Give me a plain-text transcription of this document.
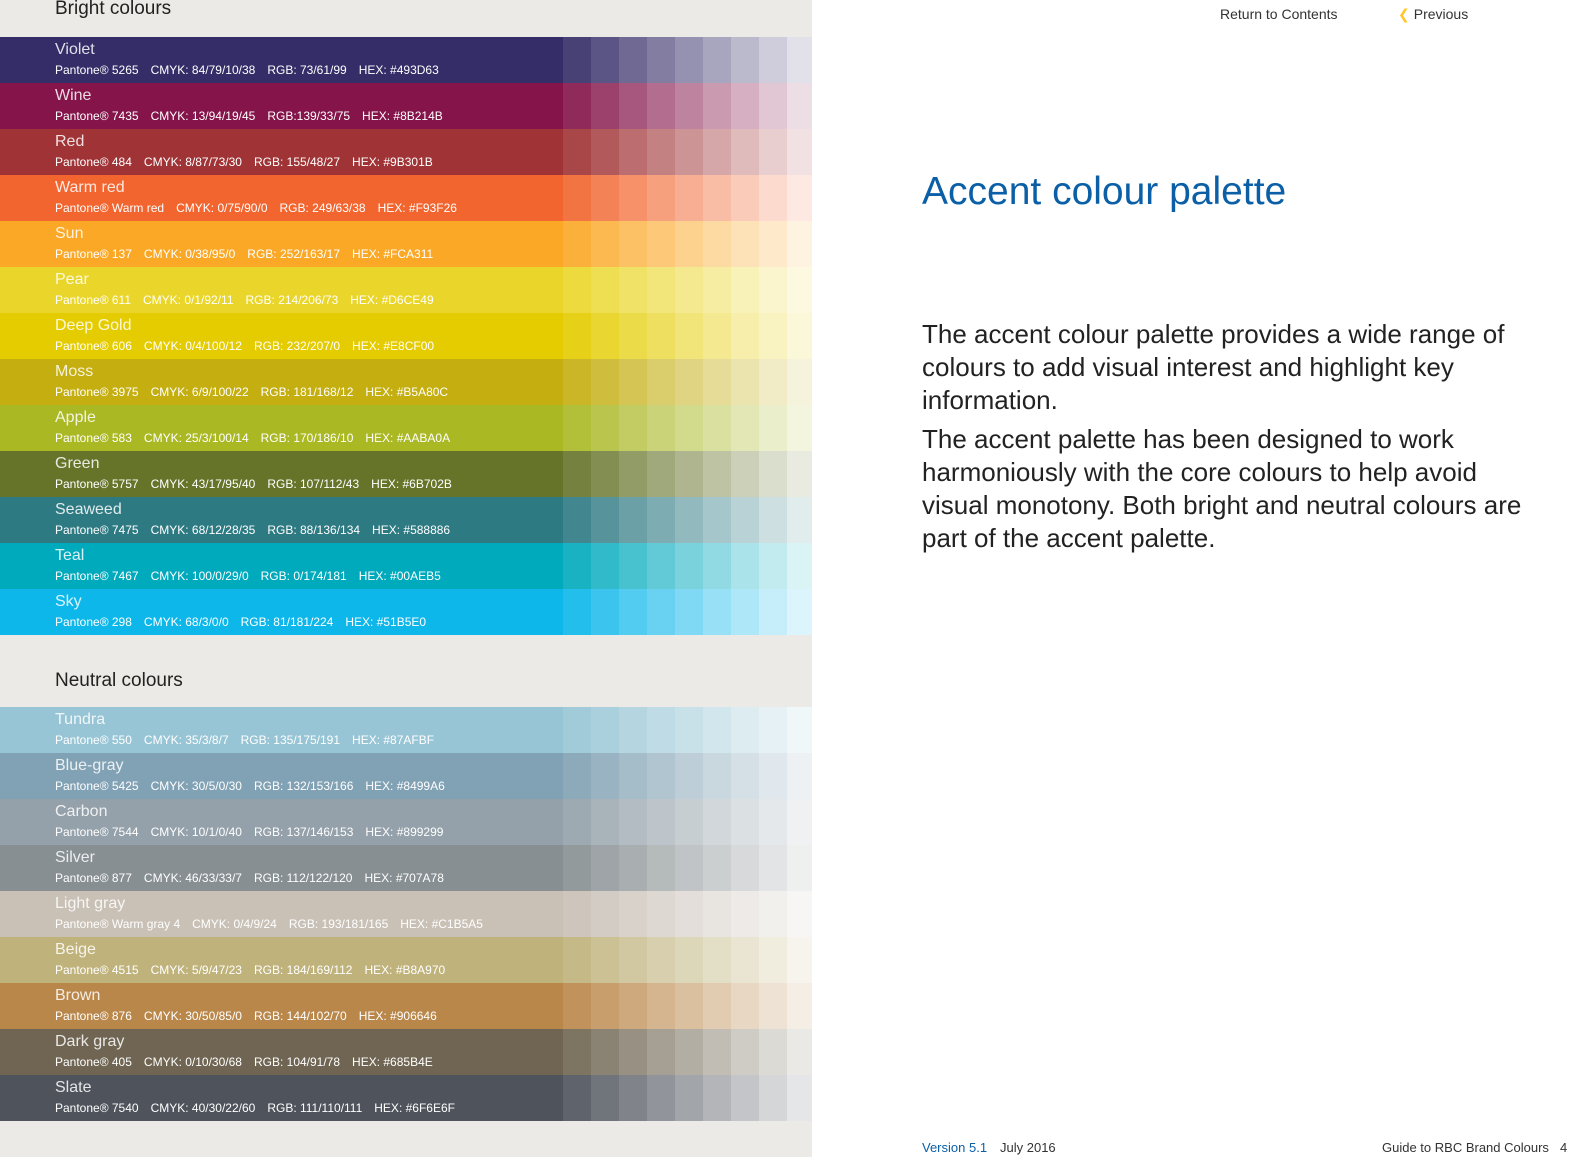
Bright colours
Violet
Pantone® 5265 CMYK: 84/79/10/38 RGB: 73/61/99 HEX: #493D63
Wine
Pantone® 7435 CMYK: 13/94/19/45 RGB:139/33/75 HEX: #8B214B
Red
Pantone® 484 CMYK: 8/87/73/30 RGB: 155/48/27 HEX: #9B301B
Warm red
Pantone® Warm red CMYK: 0/75/90/0 RGB: 249/63/38 HEX: #F93F26
Sun
Pantone® 137 CMYK: 0/38/95/0 RGB: 252/163/17 HEX: #FCA311
Pear
Pantone® 611 CMYK: 0/1/92/11 RGB: 214/206/73 HEX: #D6CE49
Deep Gold
Pantone® 606 CMYK: 0/4/100/12 RGB: 232/207/0 HEX: #E8CF00
Moss
Pantone® 3975 CMYK: 6/9/100/22 RGB: 181/168/12 HEX: #B5A80C
Apple
Pantone® 583 CMYK: 25/3/100/14 RGB: 170/186/10 HEX: #AABA0A
Green
Pantone® 5757 CMYK: 43/17/95/40 RGB: 107/112/43 HEX: #6B702B
Seaweed
Pantone® 7475 CMYK: 68/12/28/35 RGB: 88/136/134 HEX: #588886
Teal
Pantone® 7467 CMYK: 100/0/29/0 RGB: 0/174/181 HEX: #00AEB5
Sky
Pantone® 298 CMYK: 68/3/0/0 RGB: 81/181/224 HEX: #51B5E0
Neutral colours
Tundra
Pantone® 550 CMYK: 35/3/8/7 RGB: 135/175/191 HEX: #87AFBF
Blue-gray
Pantone® 5425 CMYK: 30/5/0/30 RGB: 132/153/166 HEX: #8499A6
Carbon
Pantone® 7544 CMYK: 10/1/0/40 RGB: 137/146/153 HEX: #899299
Silver
Pantone® 877 CMYK: 46/33/33/7 RGB: 112/122/120 HEX: #707A78
Light gray
Pantone® Warm gray 4 CMYK: 0/4/9/24 RGB: 193/181/165 HEX: #C1B5A5
Beige
Pantone® 4515 CMYK: 5/9/47/23 RGB: 184/169/112 HEX: #B8A970
Brown
Pantone® 876 CMYK: 30/50/85/0 RGB: 144/102/70 HEX: #906646
Dark gray
Pantone® 405 CMYK: 0/10/30/68 RGB: 104/91/78 HEX: #685B4E
Slate
Pantone® 7540 CMYK: 40/30/22/60 RGB: 111/110/111 HEX: #6F6E6F
Return to Contents	❮ Previous
Accent colour palette

The accent colour palette provides a wide range of colours to add visual interest and highlight key information.

The accent palette has been designed to work harmoniously with the core colours to help avoid visual monotony. Both bright and neutral colours are part of the accent palette.

Version 5.1 July 2016	Guide to RBC Brand Colours 4
